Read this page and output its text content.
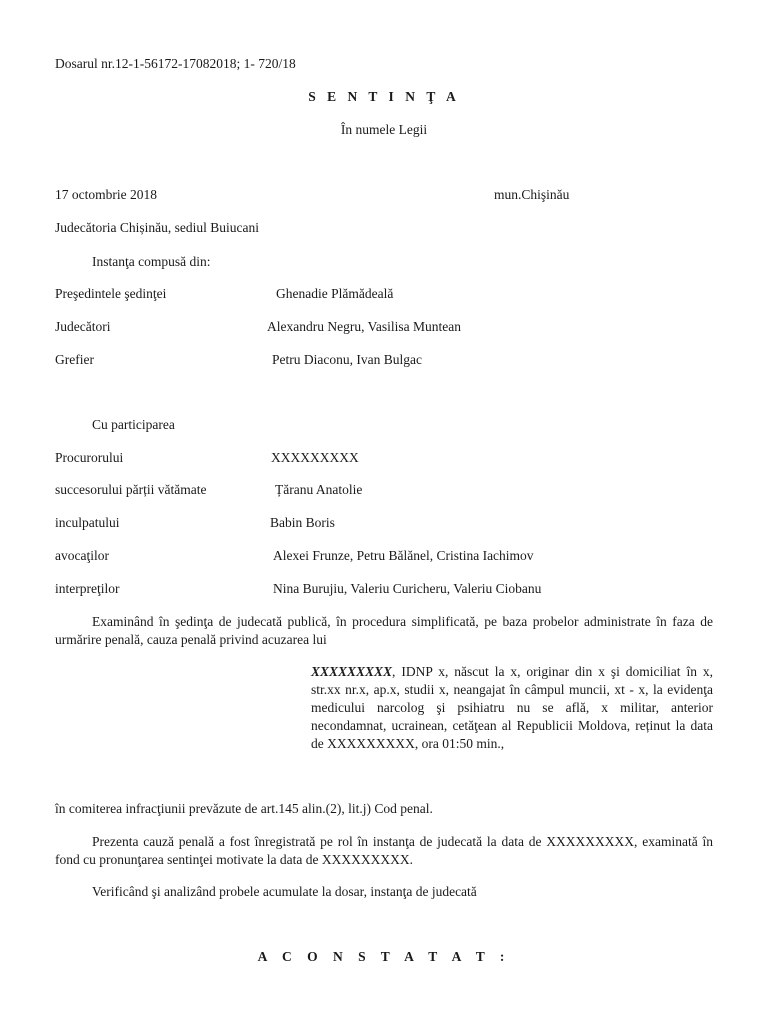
Dosarul nr.12-1-56172-17082018; 1- 720/18
S E N T I N Ţ A
În numele Legii
17 octombrie 2018	mun.Chişinău
Judecătoria Chișinău, sediul Buiucani
Instanţa compusă din:
Preşedintele şedinţei	Ghenadie Plămădeală
Judecători	Alexandru Negru, Vasilisa Muntean
Grefier	Petru Diaconu, Ivan Bulgac
Cu participarea
Procurorului	XXXXXXXXX
succesorului părții vătămate	Țăranu Anatolie
inculpatului	Babin Boris
avocaţilor	Alexei Frunze, Petru Bălănel, Cristina Iachimov
interpreţilor	Nina Burujiu, Valeriu Curicheru, Valeriu Ciobanu
Examinând în şedinţa de judecată publică, în procedura simplificată, pe baza probelor administrate în faza de urmărire penală, cauza penală privind acuzarea lui
XXXXXXXXX, IDNP x, născut la x, originar din x şi domiciliat în x, str.xx nr.x, ap.x, studii x, neangajat în câmpul muncii, xt - x, la evidenţa medicului narcolog şi psihiatru nu se află, x militar, anterior necondamnat, ucrainean, cetăţean al Republicii Moldova, reținut la data de XXXXXXXXX, ora 01:50 min.,
în comiterea infracţiunii prevăzute de art.145 alin.(2), lit.j) Cod penal.
Prezenta cauză penală a fost înregistrată pe rol în instanţa de judecată la data de XXXXXXXXX, examinată în fond cu pronunţarea sentinţei motivate la data de XXXXXXXXX.
Verificând şi analizând probele acumulate la dosar, instanţa de judecată
A C O N S T A T A T :
